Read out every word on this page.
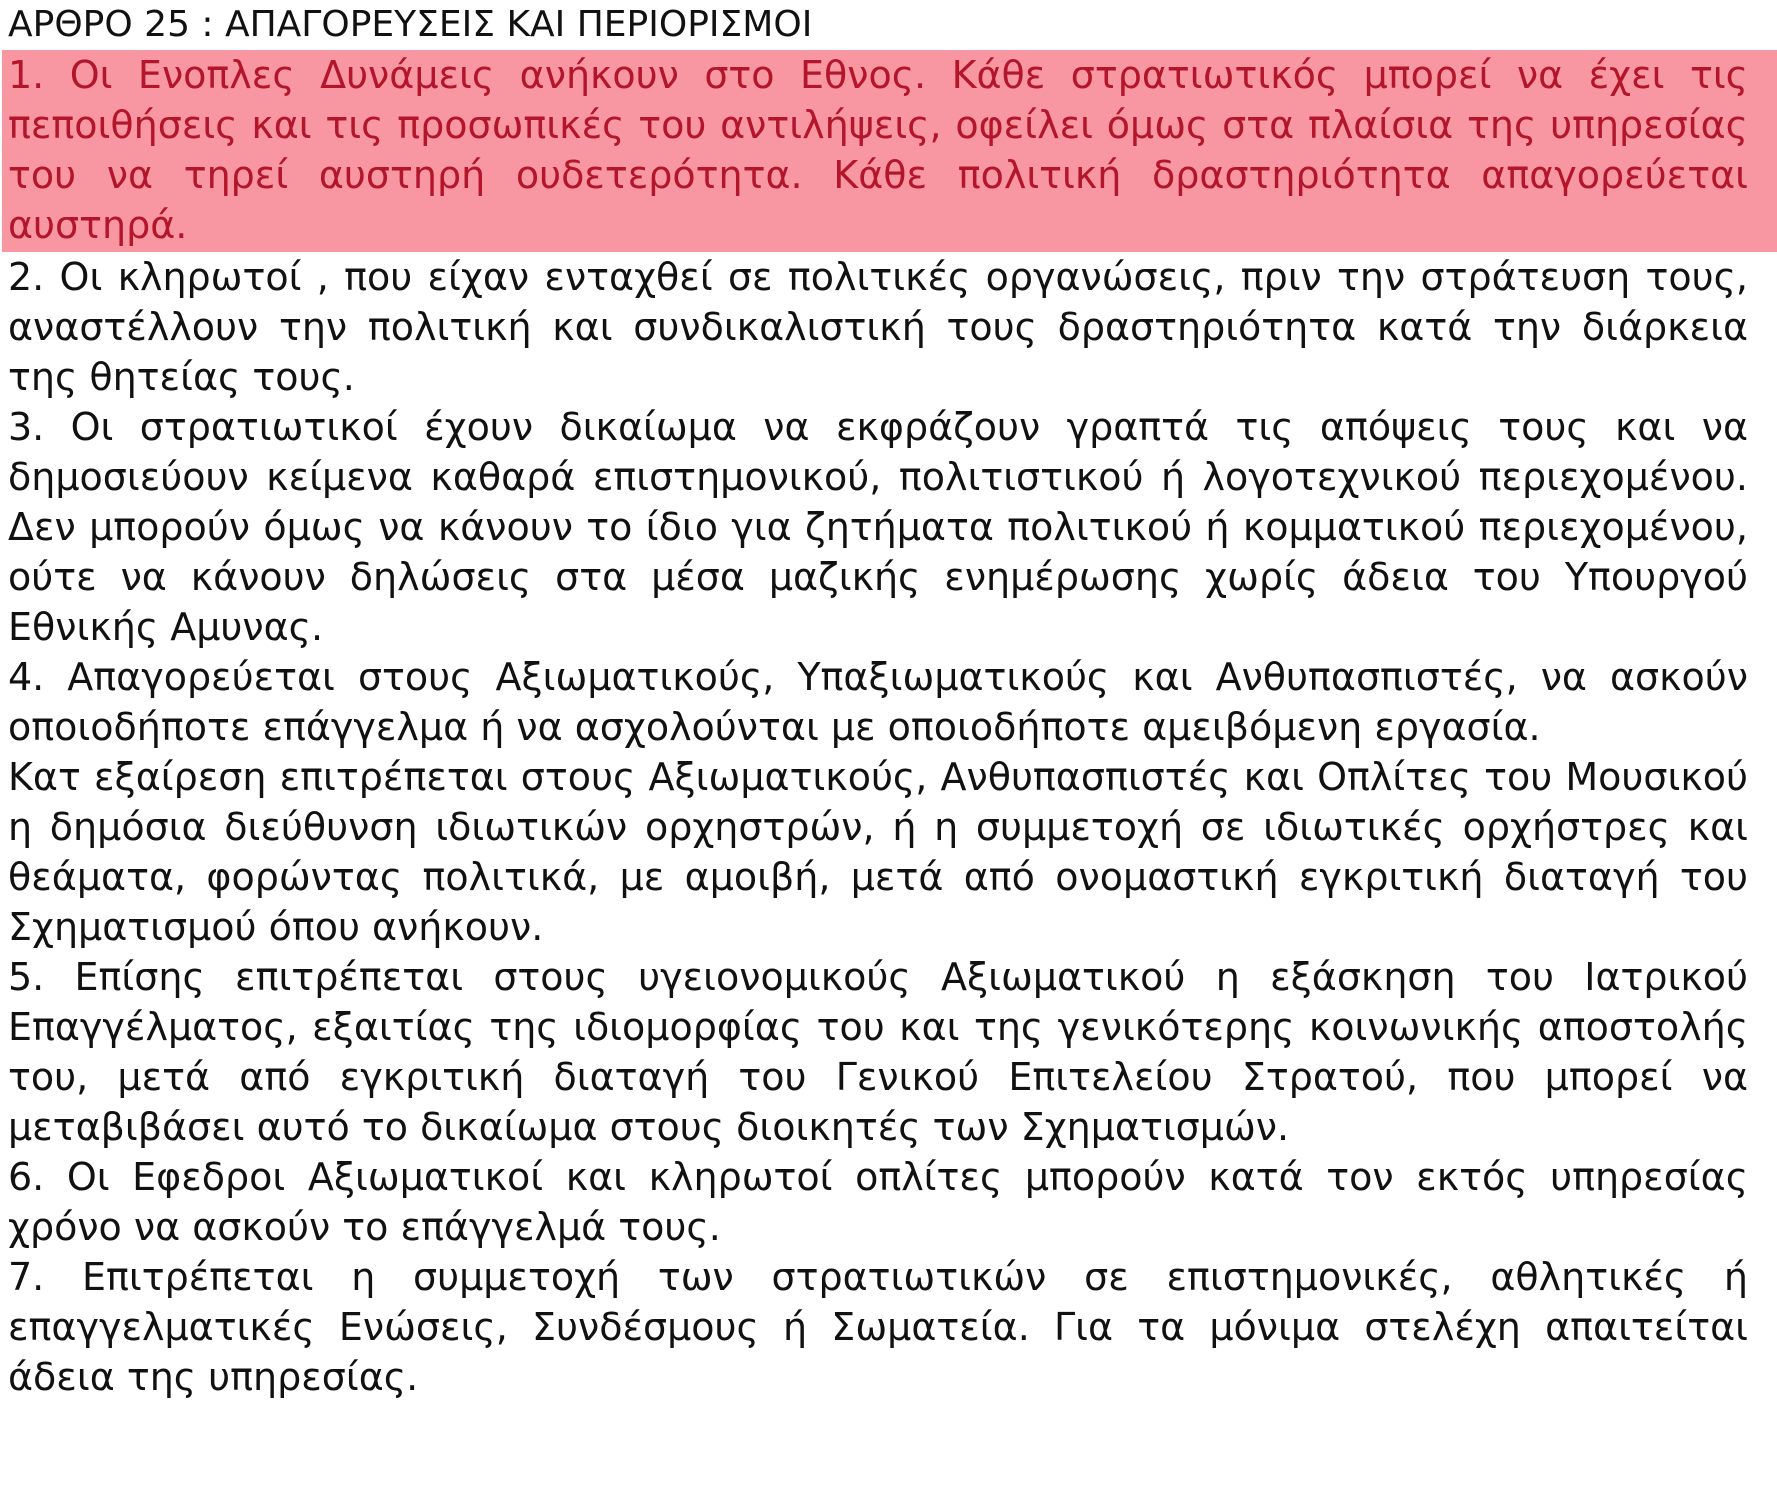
ΑΡΘΡΟ 25 : ΑΠΑΓΟΡΕΥΣΕΙΣ ΚΑΙ ΠΕΡΙΟΡΙΣΜΟΙ

1. Οι Ενοπλες Δυνάμεις ανήκουν στο Εθνος. Κάθε στρατιωτικός μπορεί να έχει τις πεποιθήσεις και τις προσωπικές του αντιλήψεις, οφείλει όμως στα πλαίσια της υπηρεσίας του να τηρεί αυστηρή ουδετερότητα. Κάθε πολιτική δραστηριότητα απαγορεύεται αυστηρά.

2. Οι κληρωτοί , που είχαν ενταχθεί σε πολιτικές οργανώσεις, πριν την στράτευση τους, αναστέλλουν την πολιτική και συνδικαλιστική τους δραστηριότητα κατά την διάρκεια της θητείας τους.

3. Οι στρατιωτικοί έχουν δικαίωμα να εκφράζουν γραπτά τις απόψεις τους και να δημοσιεύουν κείμενα καθαρά επιστημονικού, πολιτιστικού ή λογοτεχνικού περιεχομένου. Δεν μπορούν όμως να κάνουν το ίδιο για ζητήματα πολιτικού ή κομματικού περιεχομένου, ούτε να κάνουν δηλώσεις στα μέσα μαζικής ενημέρωσης χωρίς άδεια του Υπουργού Εθνικής Αμυνας.

4. Απαγορεύεται στους Αξιωματικούς, Υπαξιωματικούς και Ανθυπασπιστές, να ασκούν οποιοδήποτε επάγγελμα ή να ασχολούνται με οποιοδήποτε αμειβόμενη εργασία.

Κατ εξαίρεση επιτρέπεται στους Αξιωματικούς, Ανθυπασπιστές και Οπλίτες του Μουσικού η δημόσια διεύθυνση ιδιωτικών ορχηστρών, ή η συμμετοχή σε ιδιωτικές ορχήστρες και θεάματα, φορώντας πολιτικά, με αμοιβή, μετά από ονομαστική εγκριτική διαταγή του Σχηματισμού όπου ανήκουν.

5. Επίσης επιτρέπεται στους υγειονομικούς Αξιωματικού η εξάσκηση του Ιατρικού Επαγγέλματος, εξαιτίας της ιδιομορφίας του και της γενικότερης κοινωνικής αποστολής του, μετά από εγκριτική διαταγή του Γενικού Επιτελείου Στρατού, που μπορεί να μεταβιβάσει αυτό το δικαίωμα στους διοικητές των Σχηματισμών.

6. Οι Εφεδροι Αξιωματικοί και κληρωτοί οπλίτες μπορούν κατά τον εκτός υπηρεσίας χρόνο να ασκούν το επάγγελμά τους.

7. Επιτρέπεται η συμμετοχή των στρατιωτικών σε επιστημονικές, αθλητικές ή επαγγελματικές Ενώσεις, Συνδέσμους ή Σωματεία. Για τα μόνιμα στελέχη απαιτείται άδεια της υπηρεσίας.
